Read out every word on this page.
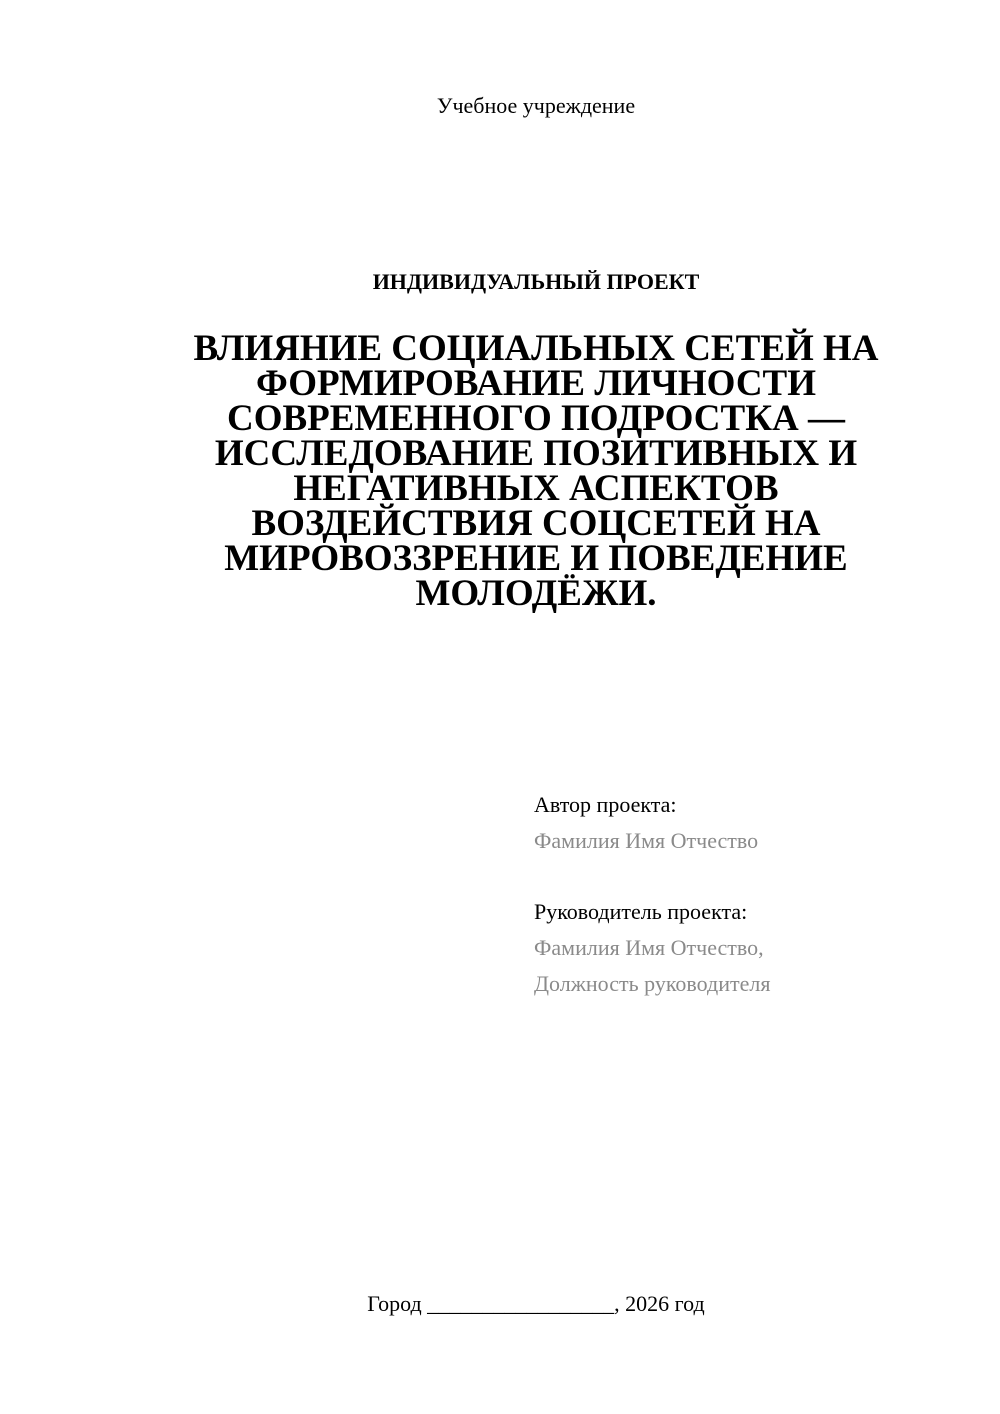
Учебное учреждение
ИНДИВИДУАЛЬНЫЙ ПРОЕКТ
ВЛИЯНИЕ СОЦИАЛЬНЫХ СЕТЕЙ НА ФОРМИРОВАНИЕ ЛИЧНОСТИ СОВРЕМЕННОГО ПОДРОСТКА — ИССЛЕДОВАНИЕ ПОЗИТИВНЫХ И НЕГАТИВНЫХ АСПЕКТОВ ВОЗДЕЙСТВИЯ СОЦСЕТЕЙ НА МИРОВОЗЗРЕНИЕ И ПОВЕДЕНИЕ МОЛОДЁЖИ.
Автор проекта:
Фамилия Имя Отчество
Руководитель проекта:
Фамилия Имя Отчество,
Должность руководителя
Город _________________, 2026 год
